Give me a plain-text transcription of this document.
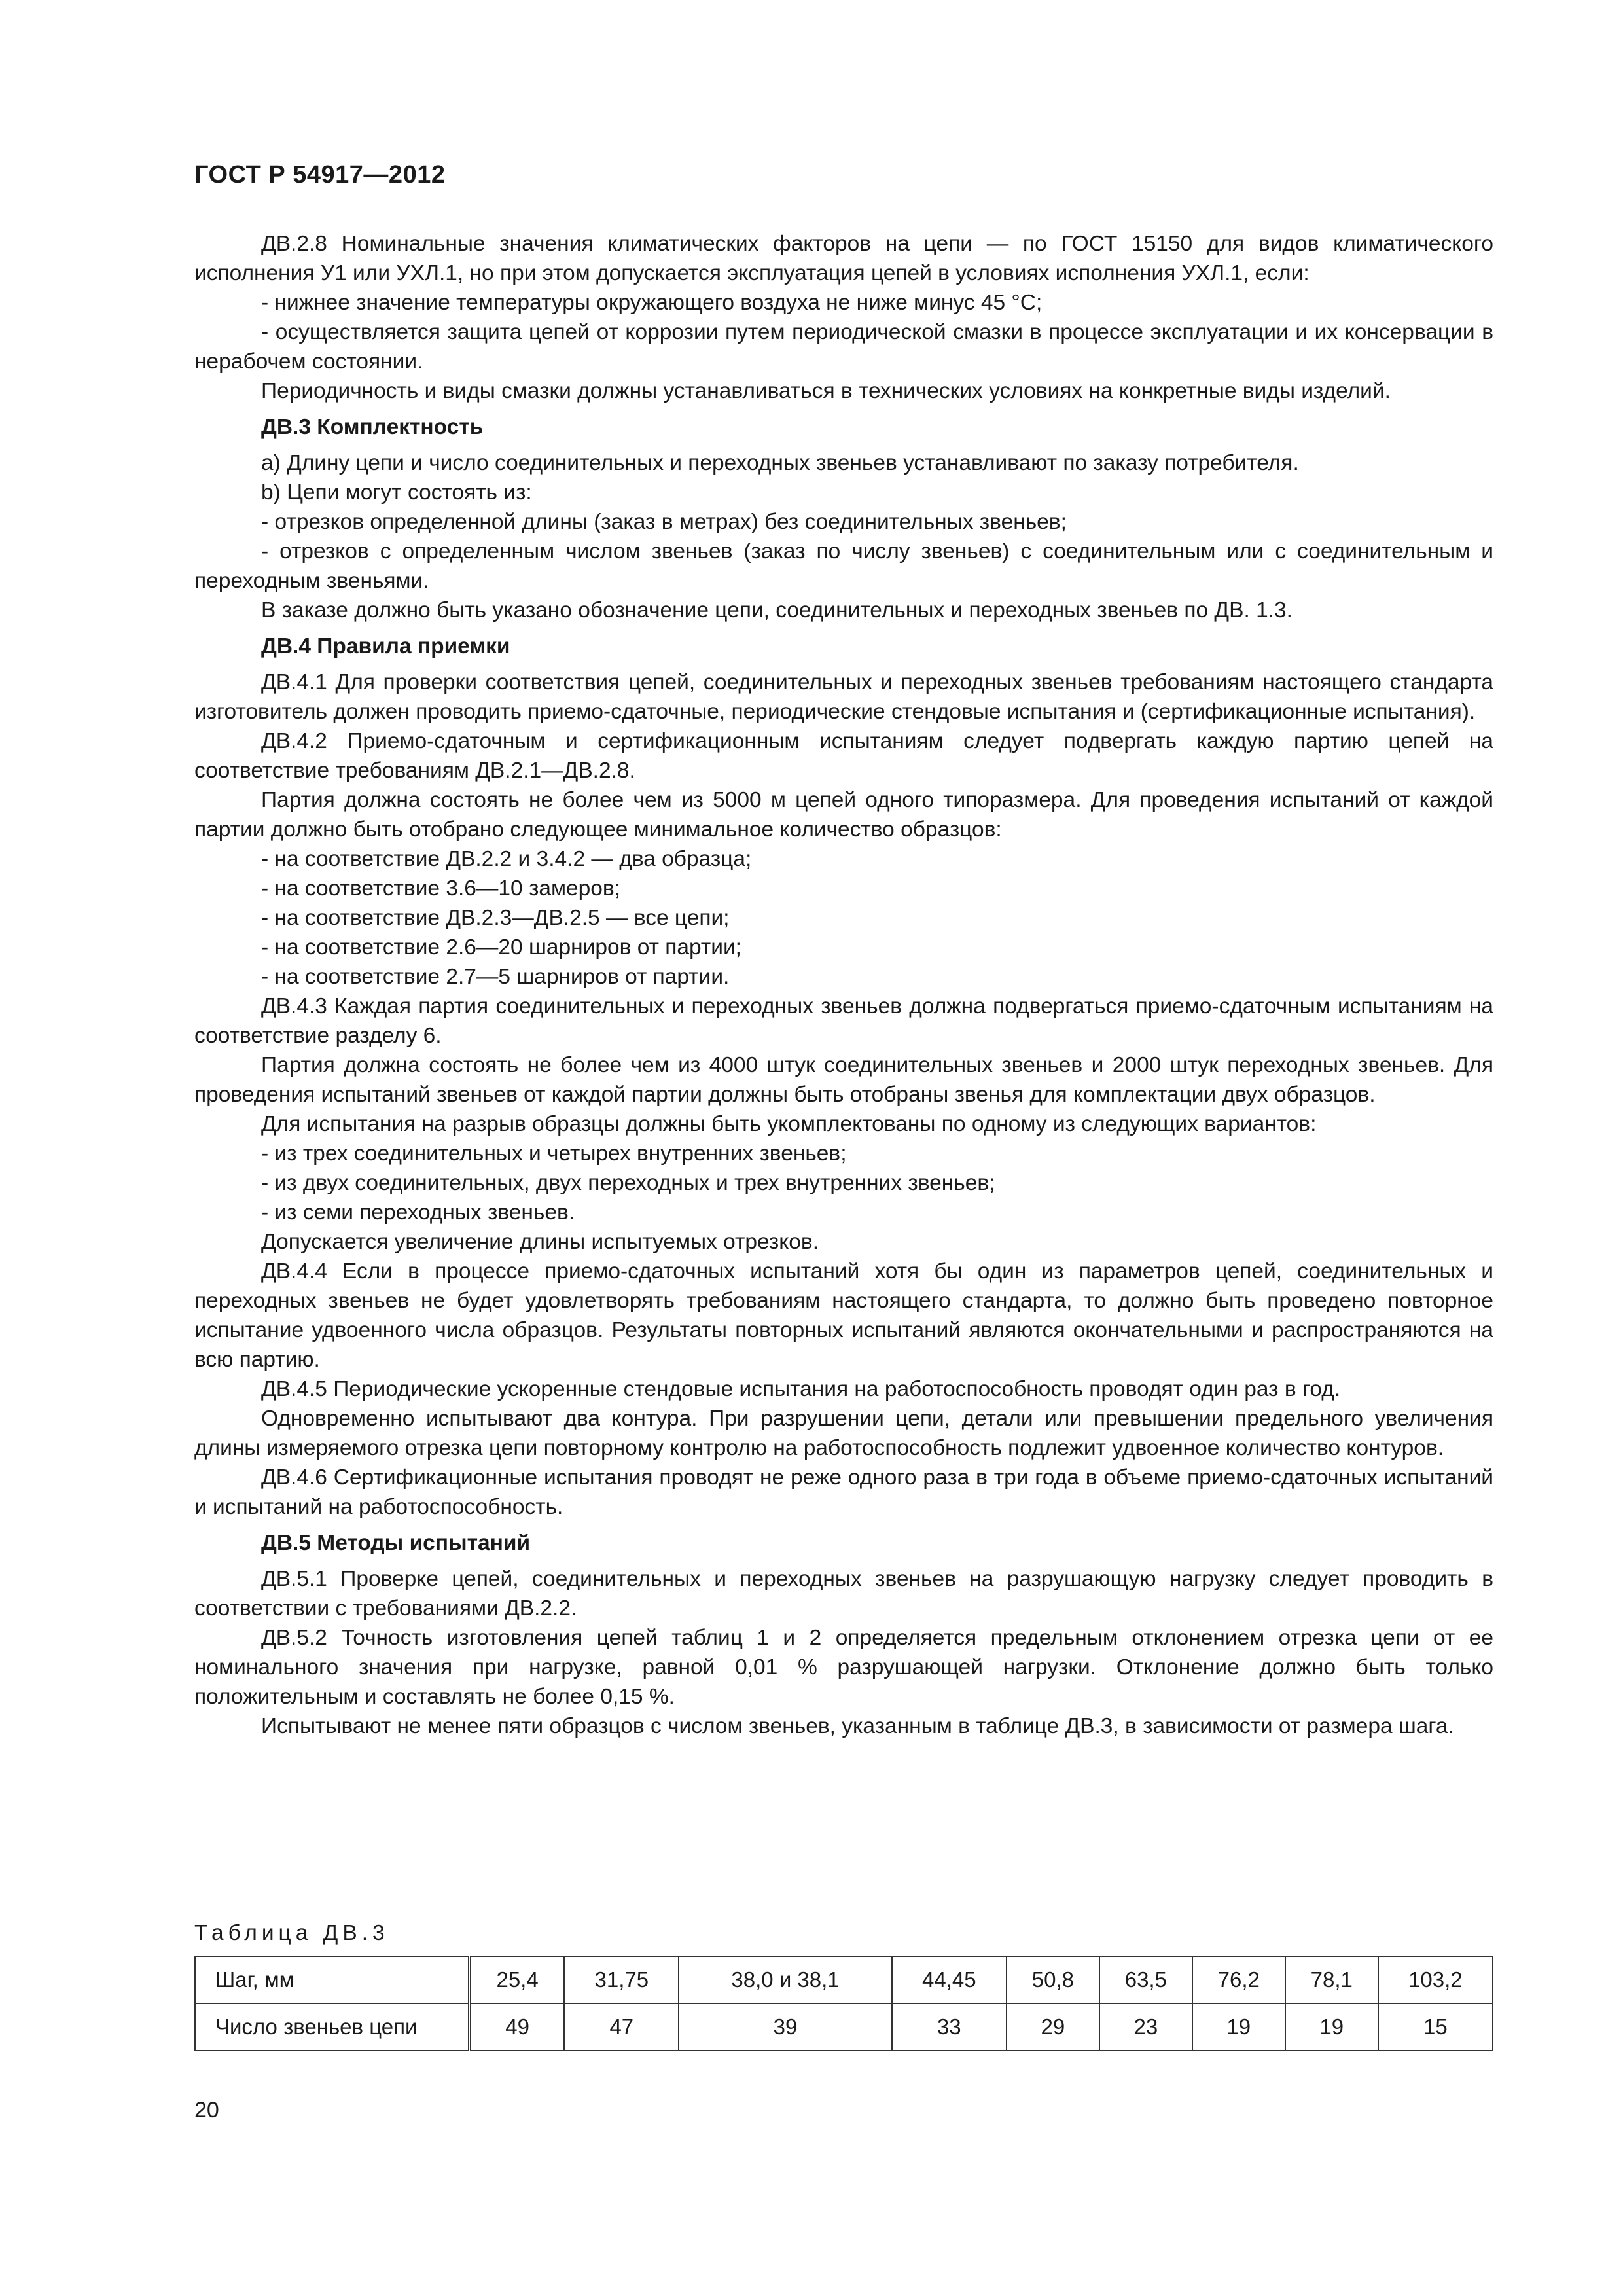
ГОСТ Р 54917—2012

ДВ.2.8 Номинальные значения климатических факторов на цепи — по ГОСТ 15150 для видов климатического исполнения У1 или УХЛ.1, но при этом допускается эксплуатация цепей в условиях исполнения УХЛ.1, если:

- нижнее значение температуры окружающего воздуха не ниже минус 45 °С;

- осуществляется защита цепей от коррозии путем периодической смазки в процессе эксплуатации и их консервации в нерабочем состоянии.

Периодичность и виды смазки должны устанавливаться в технических условиях на конкретные виды изделий.

ДВ.3 Комплектность

a) Длину цепи и число соединительных и переходных звеньев устанавливают по заказу потребителя.

b) Цепи могут состоять из:

- отрезков определенной длины (заказ в метрах) без соединительных звеньев;

- отрезков с определенным числом звеньев (заказ по числу звеньев) с соединительным или с соединительным и переходным звеньями.

В заказе должно быть указано обозначение цепи, соединительных и переходных звеньев по ДВ. 1.3.

ДВ.4 Правила приемки

ДВ.4.1 Для проверки соответствия цепей, соединительных и переходных звеньев требованиям настоящего стандарта изготовитель должен проводить приемо-сдаточные, периодические стендовые испытания и (сертификационные испытания).

ДВ.4.2 Приемо-сдаточным и сертификационным испытаниям следует подвергать каждую партию цепей на соответствие требованиям ДВ.2.1—ДВ.2.8.

Партия должна состоять не более чем из 5000 м цепей одного типоразмера. Для проведения испытаний от каждой партии должно быть отобрано следующее минимальное количество образцов:

- на соответствие ДВ.2.2 и 3.4.2 — два образца;

- на соответствие 3.6—10 замеров;

- на соответствие ДВ.2.3—ДВ.2.5 — все цепи;

- на соответствие 2.6—20 шарниров от партии;

- на соответствие 2.7—5 шарниров от партии.

ДВ.4.3 Каждая партия соединительных и переходных звеньев должна подвергаться приемо-сдаточным испытаниям на соответствие разделу 6.

Партия должна состоять не более чем из 4000 штук соединительных звеньев и 2000 штук переходных звеньев. Для проведения испытаний звеньев от каждой партии должны быть отобраны звенья для комплектации двух образцов.

Для испытания на разрыв образцы должны быть укомплектованы по одному из следующих вариантов:

- из трех соединительных и четырех внутренних звеньев;

- из двух соединительных, двух переходных и трех внутренних звеньев;

- из семи переходных звеньев.

Допускается увеличение длины испытуемых отрезков.

ДВ.4.4 Если в процессе приемо-сдаточных испытаний хотя бы один из параметров цепей, соединительных и переходных звеньев не будет удовлетворять требованиям настоящего стандарта, то должно быть проведено повторное испытание удвоенного числа образцов. Результаты повторных испытаний являются окончательными и распространяются на всю партию.

ДВ.4.5 Периодические ускоренные стендовые испытания на работоспособность проводят один раз в год.

Одновременно испытывают два контура. При разрушении цепи, детали или превышении предельного увеличения длины измеряемого отрезка цепи повторному контролю на работоспособность подлежит удвоенное количество контуров.

ДВ.4.6 Сертификационные испытания проводят не реже одного раза в три года в объеме приемо-сдаточных испытаний и испытаний на работоспособность.

ДВ.5 Методы испытаний

ДВ.5.1 Проверке цепей, соединительных и переходных звеньев на разрушающую нагрузку следует проводить в соответствии с требованиями ДВ.2.2.

ДВ.5.2 Точность изготовления цепей таблиц 1 и 2 определяется предельным отклонением отрезка цепи от ее номинального значения при нагрузке, равной 0,01 % разрушающей нагрузки. Отклонение должно быть только положительным и составлять не более 0,15 %.

Испытывают не менее пяти образцов с числом звеньев, указанным в таблице ДВ.3, в зависимости от размера шага.

Таблица ДВ.3
Шаг, мм	25,4	31,75	38,0 и 38,1	44,45	50,8	63,5	76,2	78,1	103,2
Число звеньев цепи	49	47	39	33	29	23	19	19	15
20
